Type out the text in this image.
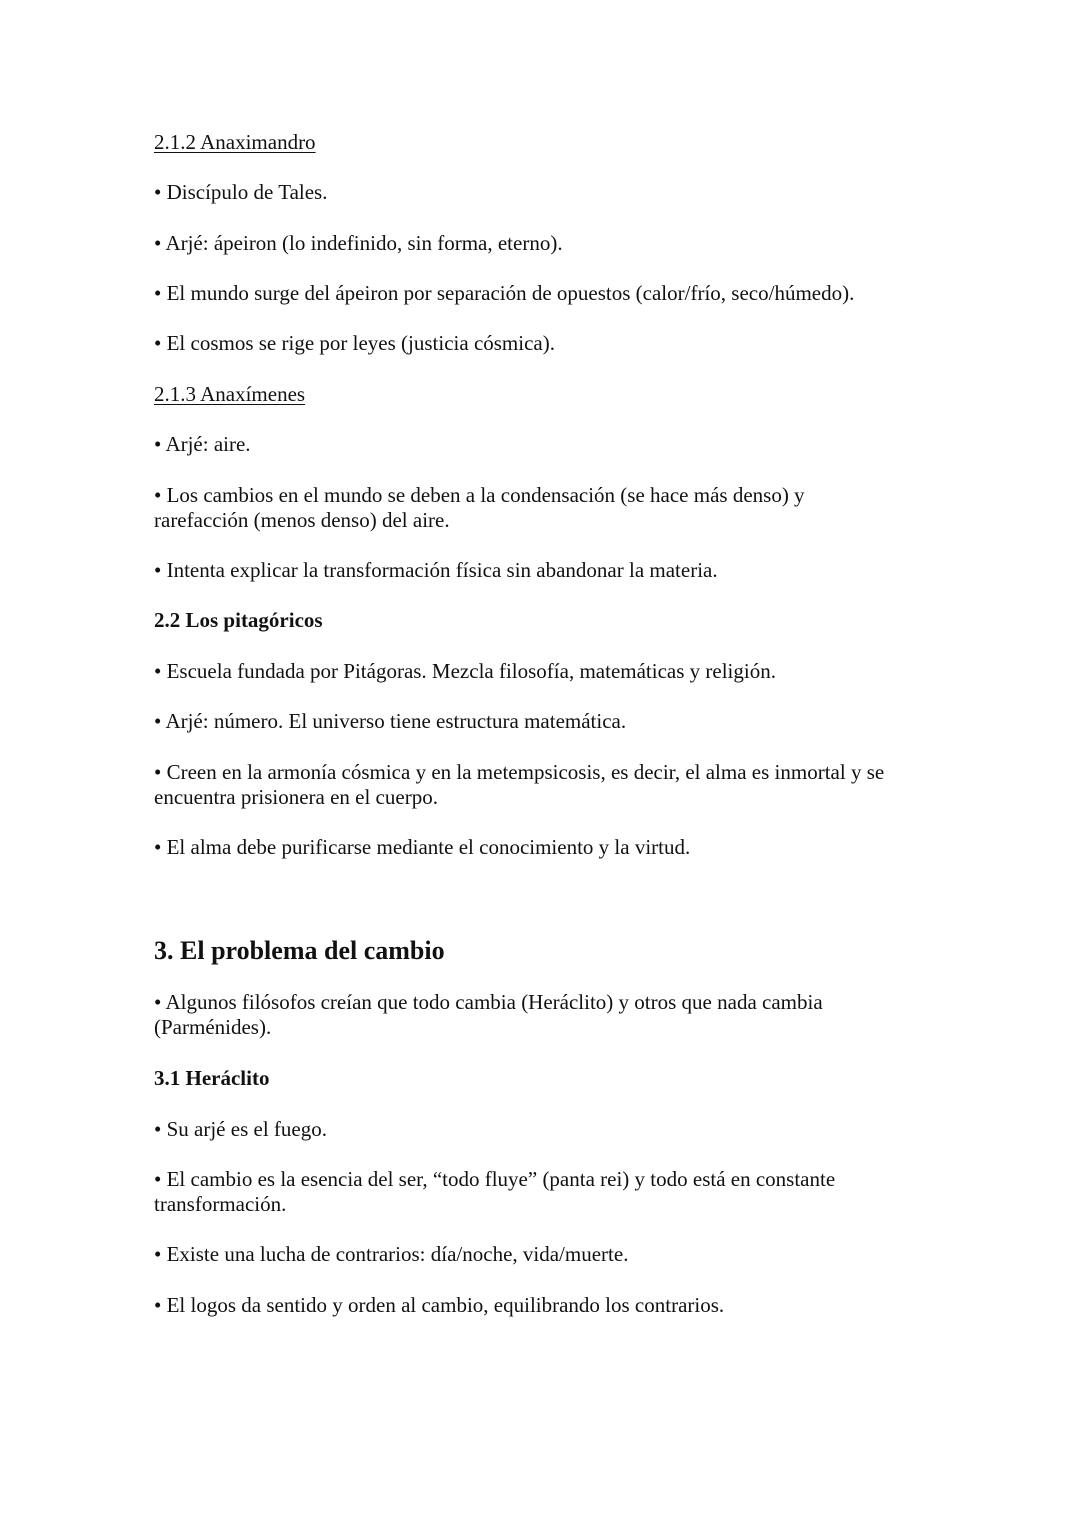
2.1.2 Anaximandro
• Discípulo de Tales.
• Arjé: ápeiron (lo indefinido, sin forma, eterno).
• El mundo surge del ápeiron por separación de opuestos (calor/frío, seco/húmedo).
• El cosmos se rige por leyes (justicia cósmica).
2.1.3 Anaxímenes
• Arjé: aire.
• Los cambios en el mundo se deben a la condensación (se hace más denso) y
rarefacción (menos denso) del aire.
• Intenta explicar la transformación física sin abandonar la materia.
2.2 Los pitagóricos
• Escuela fundada por Pitágoras. Mezcla filosofía, matemáticas y religión.
• Arjé: número. El universo tiene estructura matemática.
• Creen en la armonía cósmica y en la metempsicosis, es decir, el alma es inmortal y se
encuentra prisionera en el cuerpo.
• El alma debe purificarse mediante el conocimiento y la virtud.
3. El problema del cambio
• Algunos filósofos creían que todo cambia (Heráclito) y otros que nada cambia
(Parménides).
3.1 Heráclito
• Su arjé es el fuego.
• El cambio es la esencia del ser, “todo fluye” (panta rei) y todo está en constante
transformación.
• Existe una lucha de contrarios: día/noche, vida/muerte.
• El logos da sentido y orden al cambio, equilibrando los contrarios.
